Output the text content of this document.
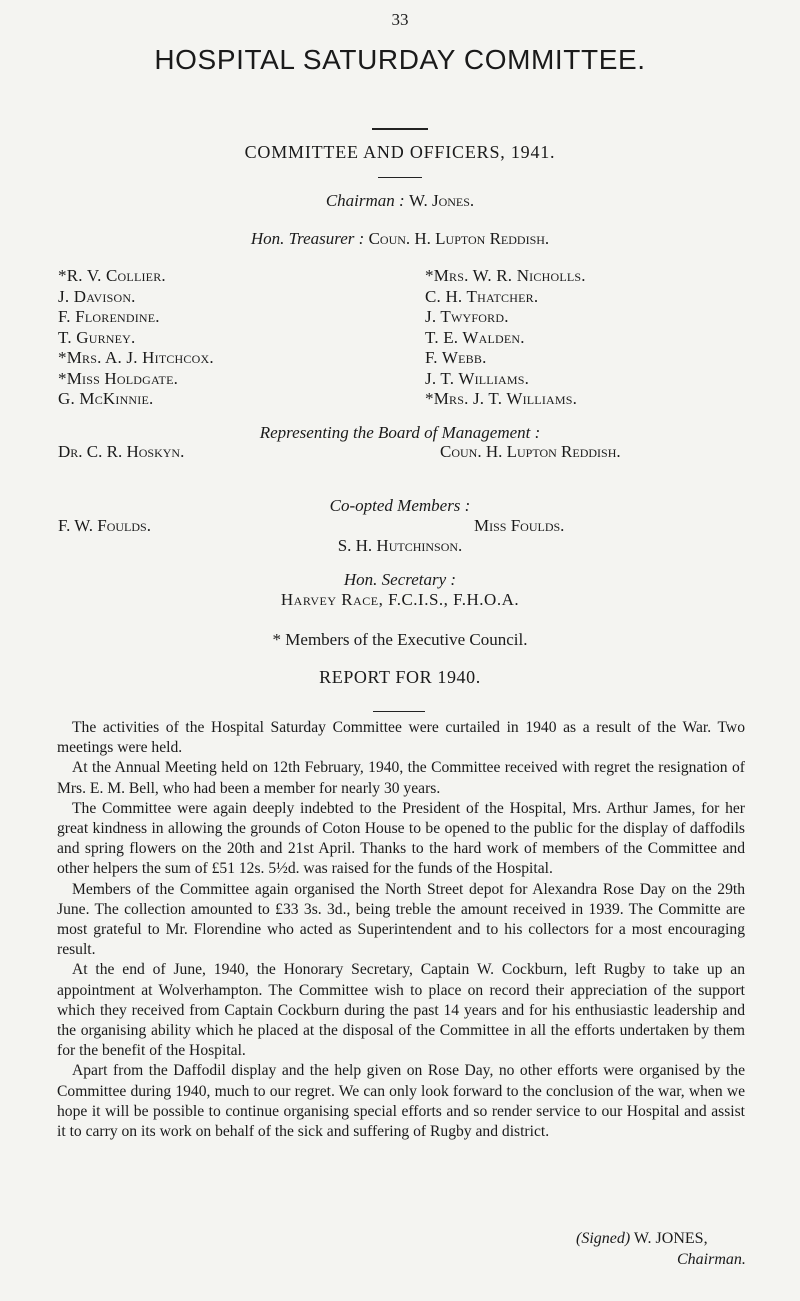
33
HOSPITAL SATURDAY COMMITTEE.
COMMITTEE AND OFFICERS, 1941.
Chairman : W. Jones.
Hon. Treasurer : Coun. H. Lupton Reddish.
*R. V. Collier.
J. Davison.
F. Florendine.
T. Gurney.
*Mrs. A. J. Hitchcox.
*Miss Holdgate.
G. McKinnie.
*Mrs. W. R. Nicholls.
C. H. Thatcher.
J. Twyford.
T. E. Walden.
F. Webb.
J. T. Williams.
*Mrs. J. T. Williams.
Representing the Board of Management :
Dr. C. R. Hoskyn.	Coun. H. Lupton Reddish.
Co-opted Members :
F. W. Foulds.	Miss Foulds.
S. H. Hutchinson.
Hon. Secretary :
Harvey Race, F.C.I.S., F.H.O.A.
* Members of the Executive Council.
REPORT FOR 1940.

The activities of the Hospital Saturday Committee were curtailed in 1940 as a result of the War. Two meetings were held.

At the Annual Meeting held on 12th February, 1940, the Committee received with regret the resignation of Mrs. E. M. Bell, who had been a member for nearly 30 years.

The Committee were again deeply indebted to the President of the Hospital, Mrs. Arthur James, for her great kindness in allowing the grounds of Coton House to be opened to the public for the display of daffodils and spring flowers on the 20th and 21st April. Thanks to the hard work of members of the Committee and other helpers the sum of £51 12s. 5½d. was raised for the funds of the Hospital.

Members of the Committee again organised the North Street depot for Alexandra Rose Day on the 29th June. The collection amounted to £33 3s. 3d., being treble the amount received in 1939. The Committe are most grateful to Mr. Florendine who acted as Superintendent and to his collectors for a most encouraging result.

At the end of June, 1940, the Honorary Secretary, Captain W. Cockburn, left Rugby to take up an appointment at Wolverhampton. The Committee wish to place on record their appreciation of the support which they received from Captain Cockburn during the past 14 years and for his enthusiastic leadership and the organising ability which he placed at the disposal of the Committee in all the efforts undertaken by them for the benefit of the Hospital.

Apart from the Daffodil display and the help given on Rose Day, no other efforts were organised by the Committee during 1940, much to our regret. We can only look forward to the conclusion of the war, when we hope it will be possible to continue organising special efforts and so render service to our Hospital and assist it to carry on its work on behalf of the sick and suffering of Rugby and district.

(Signed) W. JONES,
Chairman.
